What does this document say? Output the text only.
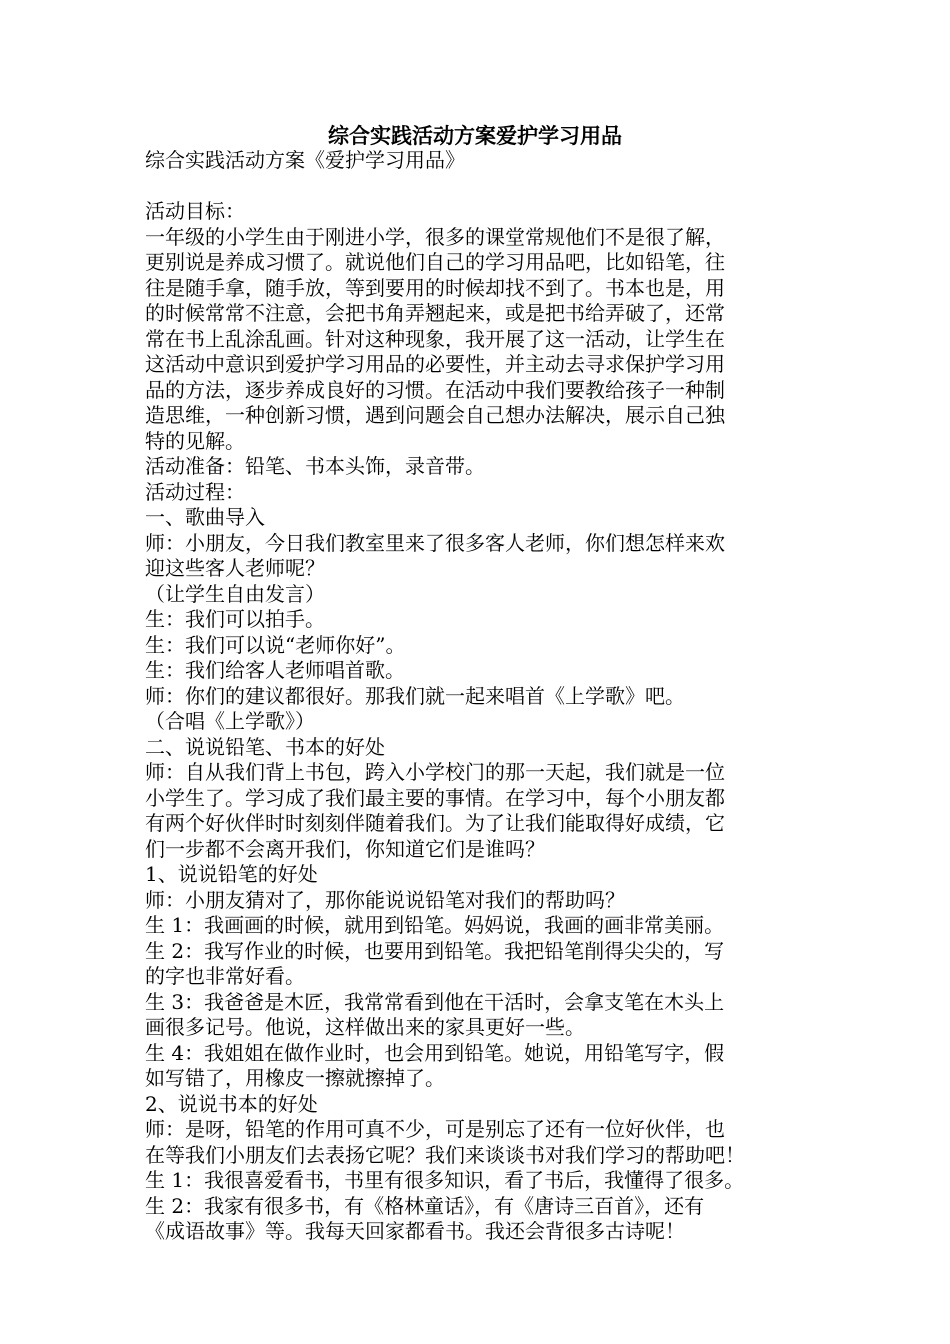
综合实践活动方案爱护学习用品
综合实践活动方案《爱护学习用品》
活动目标：
一年级的小学生由于刚进小学，很多的课堂常规他们不是很了解，
更别说是养成习惯了。就说他们自己的学习用品吧，比如铅笔，往
往是随手拿，随手放，等到要用的时候却找不到了。书本也是，用
的时候常常不注意，会把书角弄翘起来，或是把书给弄破了，还常
常在书上乱涂乱画。针对这种现象，我开展了这一活动，让学生在
这活动中意识到爱护学习用品的必要性，并主动去寻求保护学习用
品的方法，逐步养成良好的习惯。在活动中我们要教给孩子一种制
造思维，一种创新习惯，遇到问题会自己想办法解决，展示自己独
特的见解。
活动准备：铅笔、书本头饰，录音带。
活动过程：
一、歌曲导入
师：小朋友，今日我们教室里来了很多客人老师，你们想怎样来欢
迎这些客人老师呢？
（让学生自由发言）
生：我们可以拍手。
生：我们可以说“老师你好”。
生：我们给客人老师唱首歌。
师：你们的建议都很好。那我们就一起来唱首《上学歌》吧。
（合唱《上学歌》）
二、说说铅笔、书本的好处
师：自从我们背上书包，跨入小学校门的那一天起，我们就是一位
小学生了。学习成了我们最主要的事情。在学习中，每个小朋友都
有两个好伙伴时时刻刻伴随着我们。为了让我们能取得好成绩，它
们一步都不会离开我们，你知道它们是谁吗？
1、说说铅笔的好处
师：小朋友猜对了，那你能说说铅笔对我们的帮助吗？
生 1：我画画的时候，就用到铅笔。妈妈说，我画的画非常美丽。
生 2：我写作业的时候，也要用到铅笔。我把铅笔削得尖尖的，写
的字也非常好看。
生 3：我爸爸是木匠，我常常看到他在干活时，会拿支笔在木头上
画很多记号。他说，这样做出来的家具更好一些。
生 4：我姐姐在做作业时，也会用到铅笔。她说，用铅笔写字，假
如写错了，用橡皮一擦就擦掉了。
2、说说书本的好处
师：是呀，铅笔的作用可真不少，可是别忘了还有一位好伙伴，也
在等我们小朋友们去表扬它呢？我们来谈谈书对我们学习的帮助吧！
生 1：我很喜爱看书，书里有很多知识，看了书后，我懂得了很多。
生 2：我家有很多书，有《格林童话》，有《唐诗三百首》，还有
《成语故事》等。我每天回家都看书。我还会背很多古诗呢！
